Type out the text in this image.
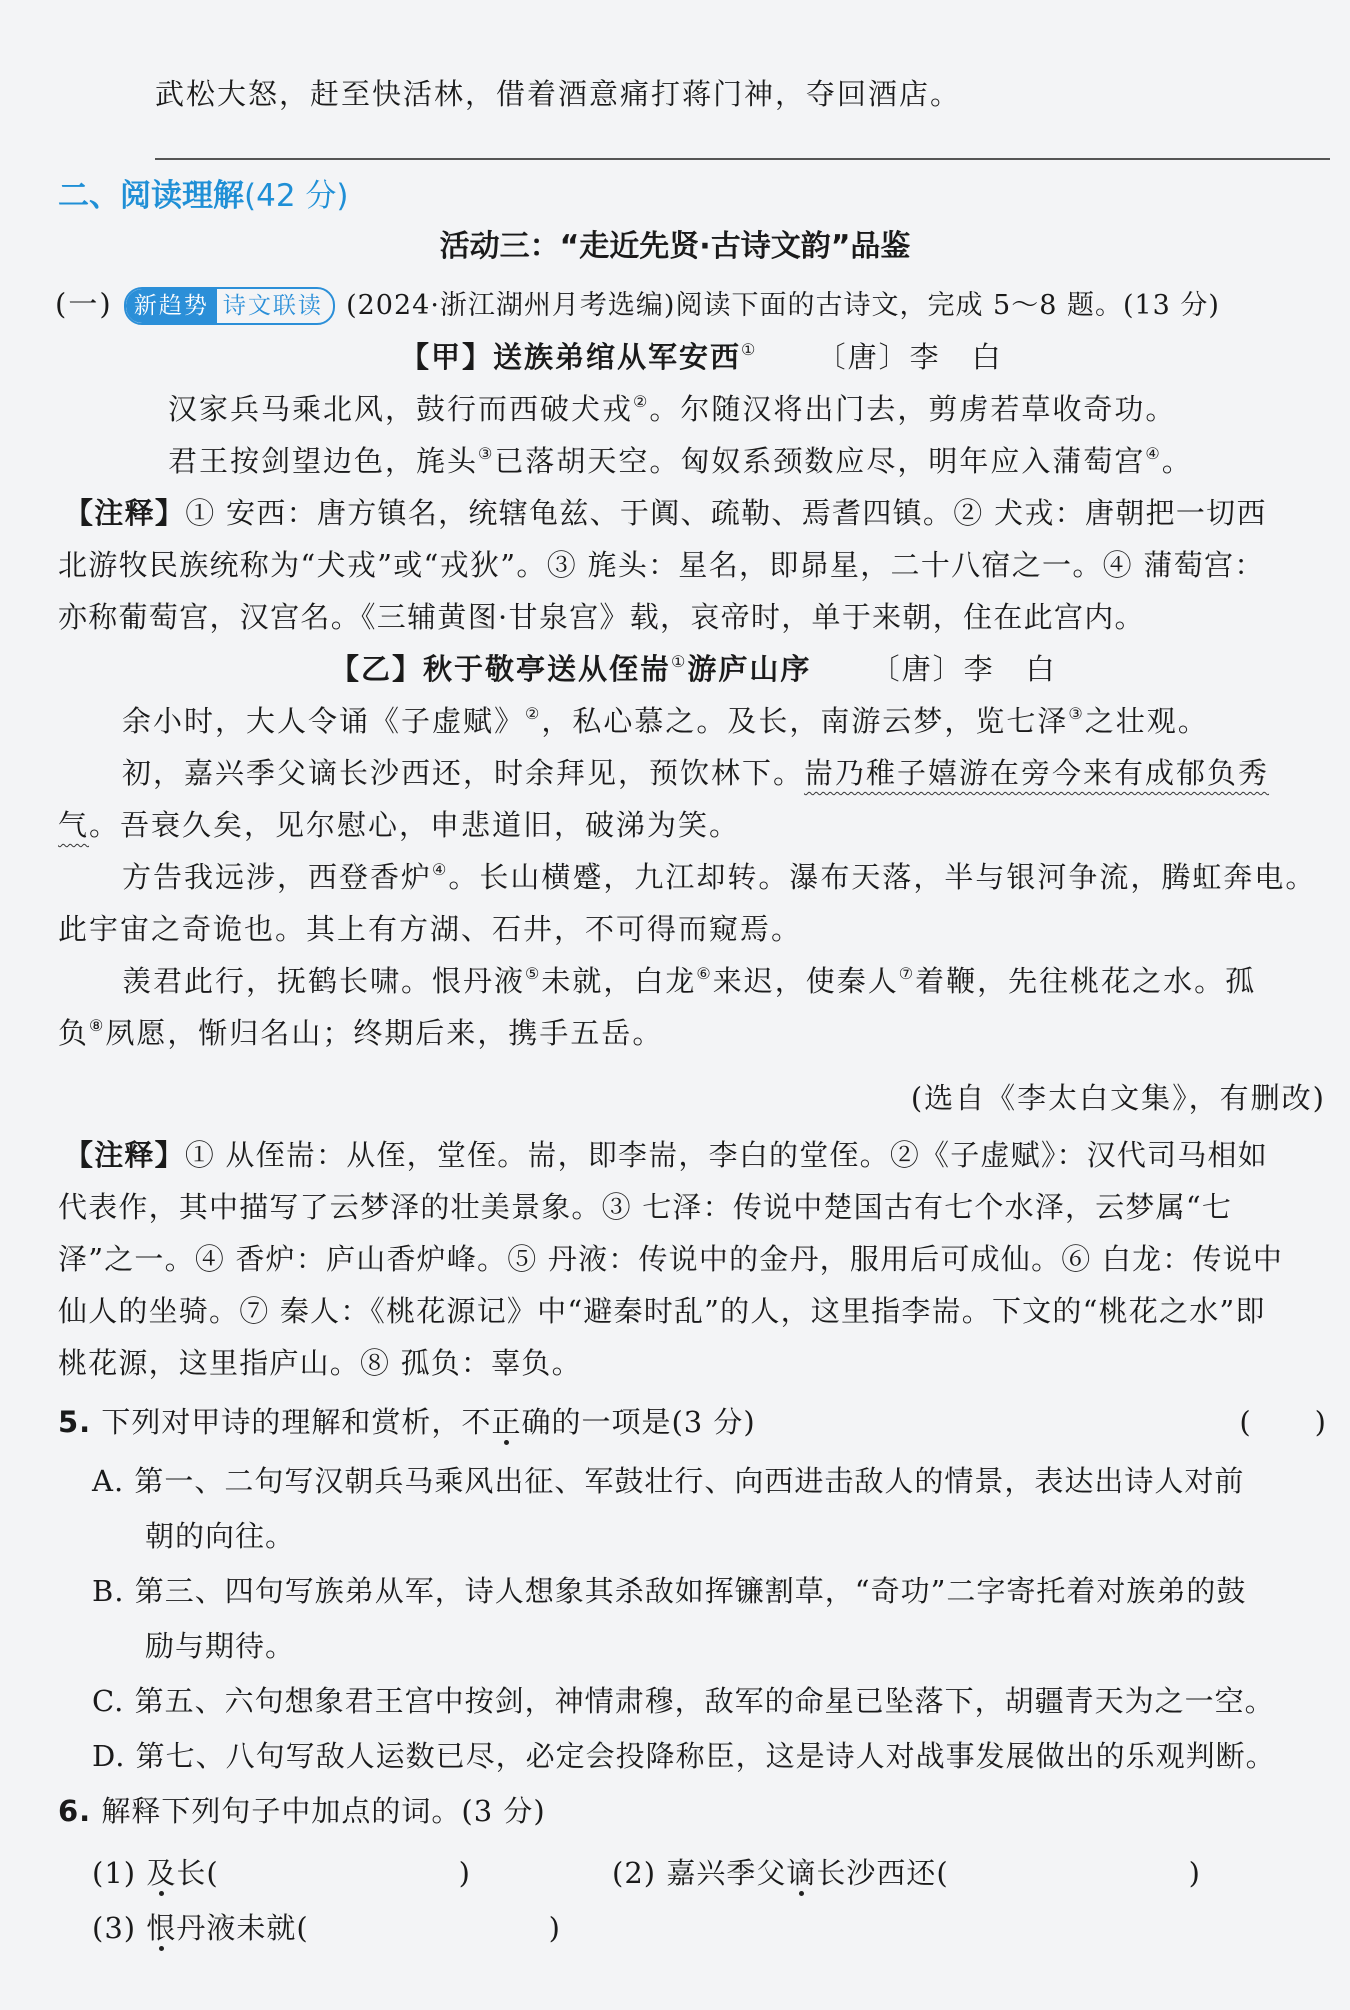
武松大怒，赶至快活林，借着酒意痛打蒋门神，夺回酒店。
二、阅读理解(42 分)
活动三：“走近先贤·古诗文韵”品鉴
(一) 新趋势 诗文联读 (2024·浙江湖州月考选编)阅读下面的古诗文，完成 5～8 题。(13 分)
【甲】送族弟绾从军安西① 〔唐〕李　白
汉家兵马乘北风，鼓行而西破犬戎②。尔随汉将出门去，剪虏若草收奇功。
君王按剑望边色，旄头③已落胡天空。匈奴系颈数应尽，明年应入蒲萄宫④。
【注释】① 安西：唐方镇名，统辖龟兹、于阗、疏勒、焉耆四镇。② 犬戎：唐朝把一切西
北游牧民族统称为“犬戎”或“戎狄”。③ 旄头：星名，即昴星，二十八宿之一。④ 蒲萄宫：
亦称葡萄宫，汉宫名。《三辅黄图·甘泉宫》载，哀帝时，单于来朝，住在此宫内。
【乙】秋于敬亭送从侄耑①游庐山序 〔唐〕李　白
余小时，大人令诵《子虚赋》②，私心慕之。及长，南游云梦，览七泽③之壮观。
初，嘉兴季父谪长沙西还，时余拜见，预饮林下。耑乃稚子嬉游在旁今来有成郁负秀
气。吾衰久矣，见尔慰心，申悲道旧，破涕为笑。
方告我远涉，西登香炉④。长山横蹙，九江却转。瀑布天落，半与银河争流，腾虹奔电。
此宇宙之奇诡也。其上有方湖、石井，不可得而窥焉。
羡君此行，抚鹤长啸。恨丹液⑤未就，白龙⑥来迟，使秦人⑦着鞭，先往桃花之水。孤
负⑧夙愿，惭归名山；终期后来，携手五岳。
(选自《李太白文集》，有删改)
【注释】① 从侄耑：从侄，堂侄。耑，即李耑，李白的堂侄。②《子虚赋》：汉代司马相如
代表作，其中描写了云梦泽的壮美景象。③ 七泽：传说中楚国古有七个水泽，云梦属“七
泽”之一。④ 香炉：庐山香炉峰。⑤ 丹液：传说中的金丹，服用后可成仙。⑥ 白龙：传说中
仙人的坐骑。⑦ 秦人：《桃花源记》中“避秦时乱”的人，这里指李耑。下文的“桃花之水”即
桃花源，这里指庐山。⑧ 孤负：辜负。
5. 下列对甲诗的理解和赏析，不正确的一项是(3 分)	(　　)
A. 第一、二句写汉朝兵马乘风出征、军鼓壮行、向西进击敌人的情景，表达出诗人对前
朝的向往。
B. 第三、四句写族弟从军，诗人想象其杀敌如挥镰割草，“奇功”二字寄托着对族弟的鼓
励与期待。
C. 第五、六句想象君王宫中按剑，神情肃穆，敌军的命星已坠落下，胡疆青天为之一空。
D. 第七、八句写敌人运数已尽，必定会投降称臣，这是诗人对战事发展做出的乐观判断。
6. 解释下列句子中加点的词。(3 分)
(1) 及长(　　　　　　　　)	(2) 嘉兴季父谪长沙西还(　　　　　　　　)
(3) 恨丹液未就(　　　　　　　　)
